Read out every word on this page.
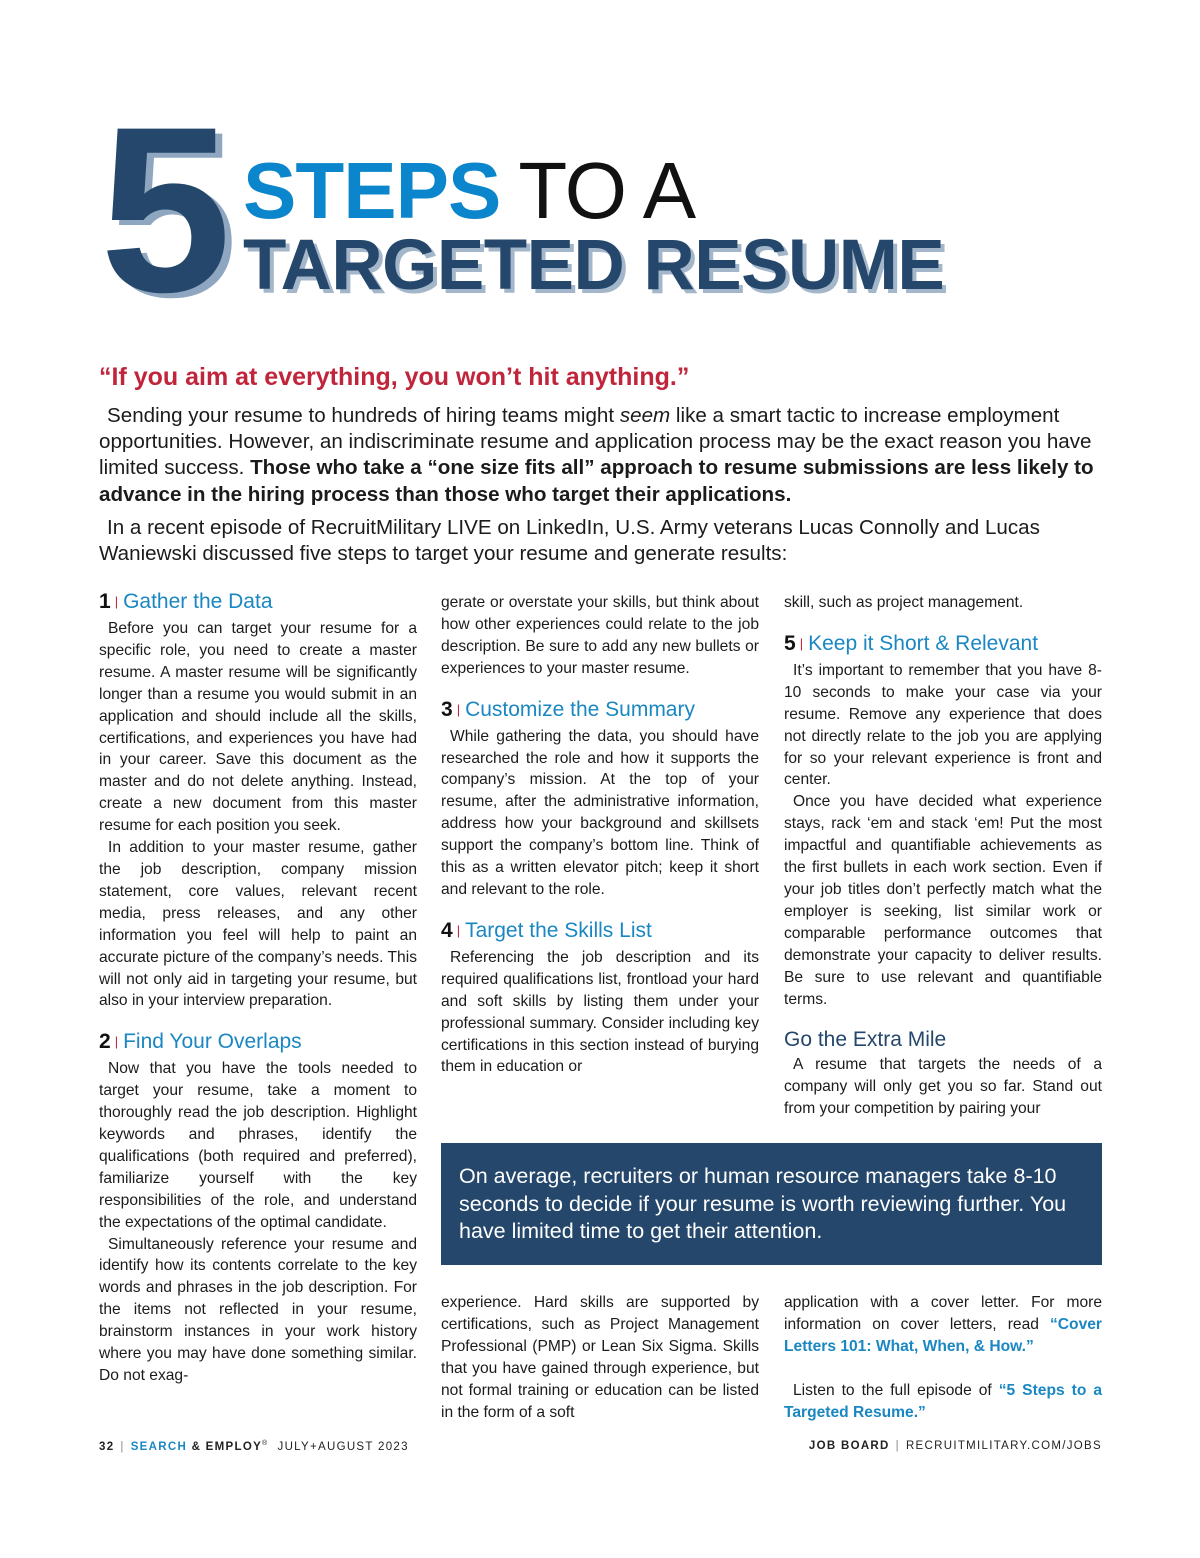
5 STEPS TO A
TARGETED RESUME
“If you aim at everything, you won’t hit anything.”
Sending your resume to hundreds of hiring teams might seem like a smart tactic to increase employment opportunities. However, an indiscriminate resume and application process may be the exact reason you have limited success. Those who take a “one size fits all” approach to resume submissions are less likely to advance in the hiring process than those who target their applications.
In a recent episode of RecruitMilitary LIVE on LinkedIn, U.S. Army veterans Lucas Connolly and Lucas Waniewski discussed five steps to target your resume and generate results:
1 | Gather the Data

Before you can target your resume for a specific role, you need to create a master resume. A master resume will be significantly longer than a resume you would submit in an application and should include all the skills, certifications, and experiences you have had in your career. Save this document as the master and do not delete anything. Instead, create a new document from this master resume for each position you seek.

In addition to your master resume, gather the job description, company mission statement, core values, relevant recent media, press releases, and any other information you feel will help to paint an accurate picture of the company’s needs. This will not only aid in targeting your resume, but also in your interview preparation.

2 | Find Your Overlaps

Now that you have the tools needed to target your resume, take a moment to thoroughly read the job description. Highlight keywords and phrases, identify the qualifications (both required and preferred), familiarize yourself with the key responsibilities of the role, and understand the expectations of the optimal candidate.

Simultaneously reference your resume and identify how its contents correlate to the key words and phrases in the job description. For the items not reflected in your resume, brainstorm instances in your work history where you may have done something similar. Do not exag-

gerate or overstate your skills, but think about how other experiences could relate to the job description. Be sure to add any new bullets or experiences to your master resume.

3 | Customize the Summary

While gathering the data, you should have researched the role and how it supports the company’s mission. At the top of your resume, after the administrative information, address how your background and skillsets support the company’s bottom line. Think of this as a written elevator pitch; keep it short and relevant to the role.

4 | Target the Skills List

Referencing the job description and its required qualifications list, frontload your hard and soft skills by listing them under your professional summary. Consider including key certifications in this section instead of burying them in education or

skill, such as project management.

5 | Keep it Short & Relevant

It’s important to remember that you have 8-10 seconds to make your case via your resume. Remove any experience that does not directly relate to the job you are applying for so your relevant experience is front and center.

Once you have decided what experience stays, rack ‘em and stack ‘em! Put the most impactful and quantifiable achievements as the first bullets in each work section. Even if your job titles don’t perfectly match what the employer is seeking, list similar work or comparable performance outcomes that demonstrate your capacity to deliver results. Be sure to use relevant and quantifiable terms.

Go the Extra Mile

A resume that targets the needs of a company will only get you so far. Stand out from your competition by pairing your

On average, recruiters or human resource managers take 8-10 seconds to decide if your resume is worth reviewing further. You have limited time to get their attention.

experience. Hard skills are supported by certifications, such as Project Management Professional (PMP) or Lean Six Sigma. Skills that you have gained through experience, but not formal training or education can be listed in the form of a soft

application with a cover letter. For more information on cover letters, read “Cover Letters 101: What, When, & How.”

Listen to the full episode of “5 Steps to a Targeted Resume.”

32 | SEARCH & EMPLOY® JULY+AUGUST 2023	JOB BOARD | RECRUITMILITARY.COM/JOBS
